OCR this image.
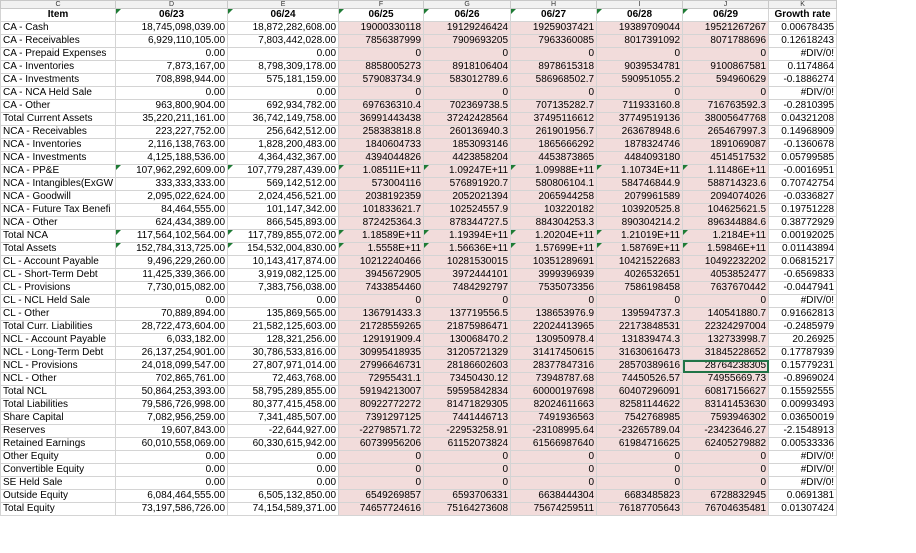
C	D	E	F	G	H	I	J	K
Item	06/23	06/24	06/25	06/26	06/27	06/28	06/29	Growth rate
CA - Cash	18,745,098,039.00	18,872,282,608.00	19000330118	19129246424	19259037421	19389709044	19521267267	0.00678435
CA - Receivables	6,929,110,105.00	7,803,442,028.00	7856387999	7909693205	7963360085	8017391092	8071788696	0.12618243
CA - Prepaid Expenses	0.00	0.00	0	0	0	0	0	#DIV/0!
CA - Inventories	7,873,167,00	8,798,309,178.00	8858005273	8918106404	8978615318	9039534781	9100867581	0.1174864
CA - Investments	708,898,944.00	575,181,159.00	579083734.9	583012789.6	586968502.7	590951055.2	594960629	-0.1886274
CA - NCA Held Sale	0.00	0.00	0	0	0	0	0	#DIV/0!
CA - Other	963,800,904.00	692,934,782.00	697636310.4	702369738.5	707135282.7	711933160.8	716763592.3	-0.2810395
Total Current Assets	35,220,211,161.00	36,742,149,758.00	36991443438	37242428564	37495116612	37749519136	38005647768	0.04321208
NCA - Receivables	223,227,752.00	256,642,512.00	258383818.8	260136940.3	261901956.7	263678948.6	265467997.3	0.14968909
NCA - Inventories	2,116,138,763.00	1,828,200,483.00	1840604733	1853093146	1865666292	1878324746	1891069087	-0.1360678
NCA - Investments	4,125,188,536.00	4,364,432,367.00	4394044826	4423858204	4453873865	4484093180	4514517532	0.05799585
NCA - PP&E	107,962,292,609.00	107,779,287,439.00	1.08511E+11	1.09247E+11	1.09988E+11	1.10734E+11	1.11486E+11	-0.0016951
NCA - Intangibles(ExGW	333,333,333.00	569,142,512.00	573004116	576891920.7	580806104.1	584746844.9	588714323.6	0.70742754
NCA - Goodwill	2,095,022,624.00	2,024,456,521.00	2038192359	2052021394	2065944258	2079961589	2094074026	-0.0336827
NCA - Future Tax Benefi	84,464,555.00	101,147,342.00	101833621.7	102524557.9	103220182	103920525.8	104625621.5	0.19751228
NCA - Other	624,434,389.00	866,545,893.00	872425364.3	878344727.5	884304253.3	890304214.2	896344884.6	0.38772929
Total NCA	117,564,102,564.00	117,789,855,072.00	1.18589E+11	1.19394E+11	1.20204E+11	1.21019E+11	1.2184E+11	0.00192025
Total Assets	152,784,313,725.00	154,532,004,830.00	1.5558E+11	1.56636E+11	1.57699E+11	1.58769E+11	1.59846E+11	0.01143894
CL - Account Payable	9,496,229,260.00	10,143,417,874.00	10212240466	10281530015	10351289691	10421522683	10492232202	0.06815217
CL - Short-Term Debt	11,425,339,366.00	3,919,082,125.00	3945672905	3972444101	3999396939	4026532651	4053852477	-0.6569833
CL - Provisions	7,730,015,082.00	7,383,756,038.00	7433854460	7484292797	7535073356	7586198458	7637670442	-0.0447941
CL - NCL Held Sale	0.00	0.00	0	0	0	0	0	#DIV/0!
CL - Other	70,889,894.00	135,869,565.00	136791433.3	137719556.5	138653976.9	139594737.3	140541880.7	0.91662813
Total Curr. Liabilities	28,722,473,604.00	21,582,125,603.00	21728559265	21875986471	22024413965	22173848531	22324297004	-0.2485979
NCL - Account Payable	6,033,182.00	128,321,256.00	129191909.4	130068470.2	130950978.4	131839474.3	132733998.7	20.26925
NCL - Long-Term Debt	26,137,254,901.00	30,786,533,816.00	30995418935	31205721329	31417450615	31630616473	31845228652	0.17787939
NCL - Provisions	24,018,099,547.00	27,807,971,014.00	27996646731	28186602603	28377847316	28570389616	28764238305	0.15779231
NCL - Other	702,865,761.00	72,463,768.00	72955431.1	73450430.12	73948787.68	74450526.57	74955669.73	-0.8969024
Total NCL	50,864,253,393.00	58,795,289,855.00	59194213007	59595842834	60000197698	60407296091	60817156627	0.15592555
Total Liabilities	79,586,726,998.00	80,377,415,458.00	80922772272	81471829305	82024611663	82581144622	83141453630	0.00993493
Share Capital	7,082,956,259.00	7,341,485,507.00	7391297125	7441446713	7491936563	7542768985	7593946302	0.03650019
Reserves	19,607,843.00	-22,644,927.00	-22798571.72	-22953258.91	-23108995.64	-23265789.04	-23423646.27	-2.1548913
Retained Earnings	60,010,558,069.00	60,330,615,942.00	60739956206	61152073824	61566987640	61984716625	62405279882	0.00533336
Other Equity	0.00	0.00	0	0	0	0	0	#DIV/0!
Convertible Equity	0.00	0.00	0	0	0	0	0	#DIV/0!
SE Held Sale	0.00	0.00	0	0	0	0	0	#DIV/0!
Outside Equity	6,084,464,555.00	6,505,132,850.00	6549269857	6593706331	6638444304	6683485823	6728832945	0.0691381
Total Equity	73,197,586,726.00	74,154,589,371.00	74657724616	75164273608	75674259511	76187705643	76704635481	0.01307424
